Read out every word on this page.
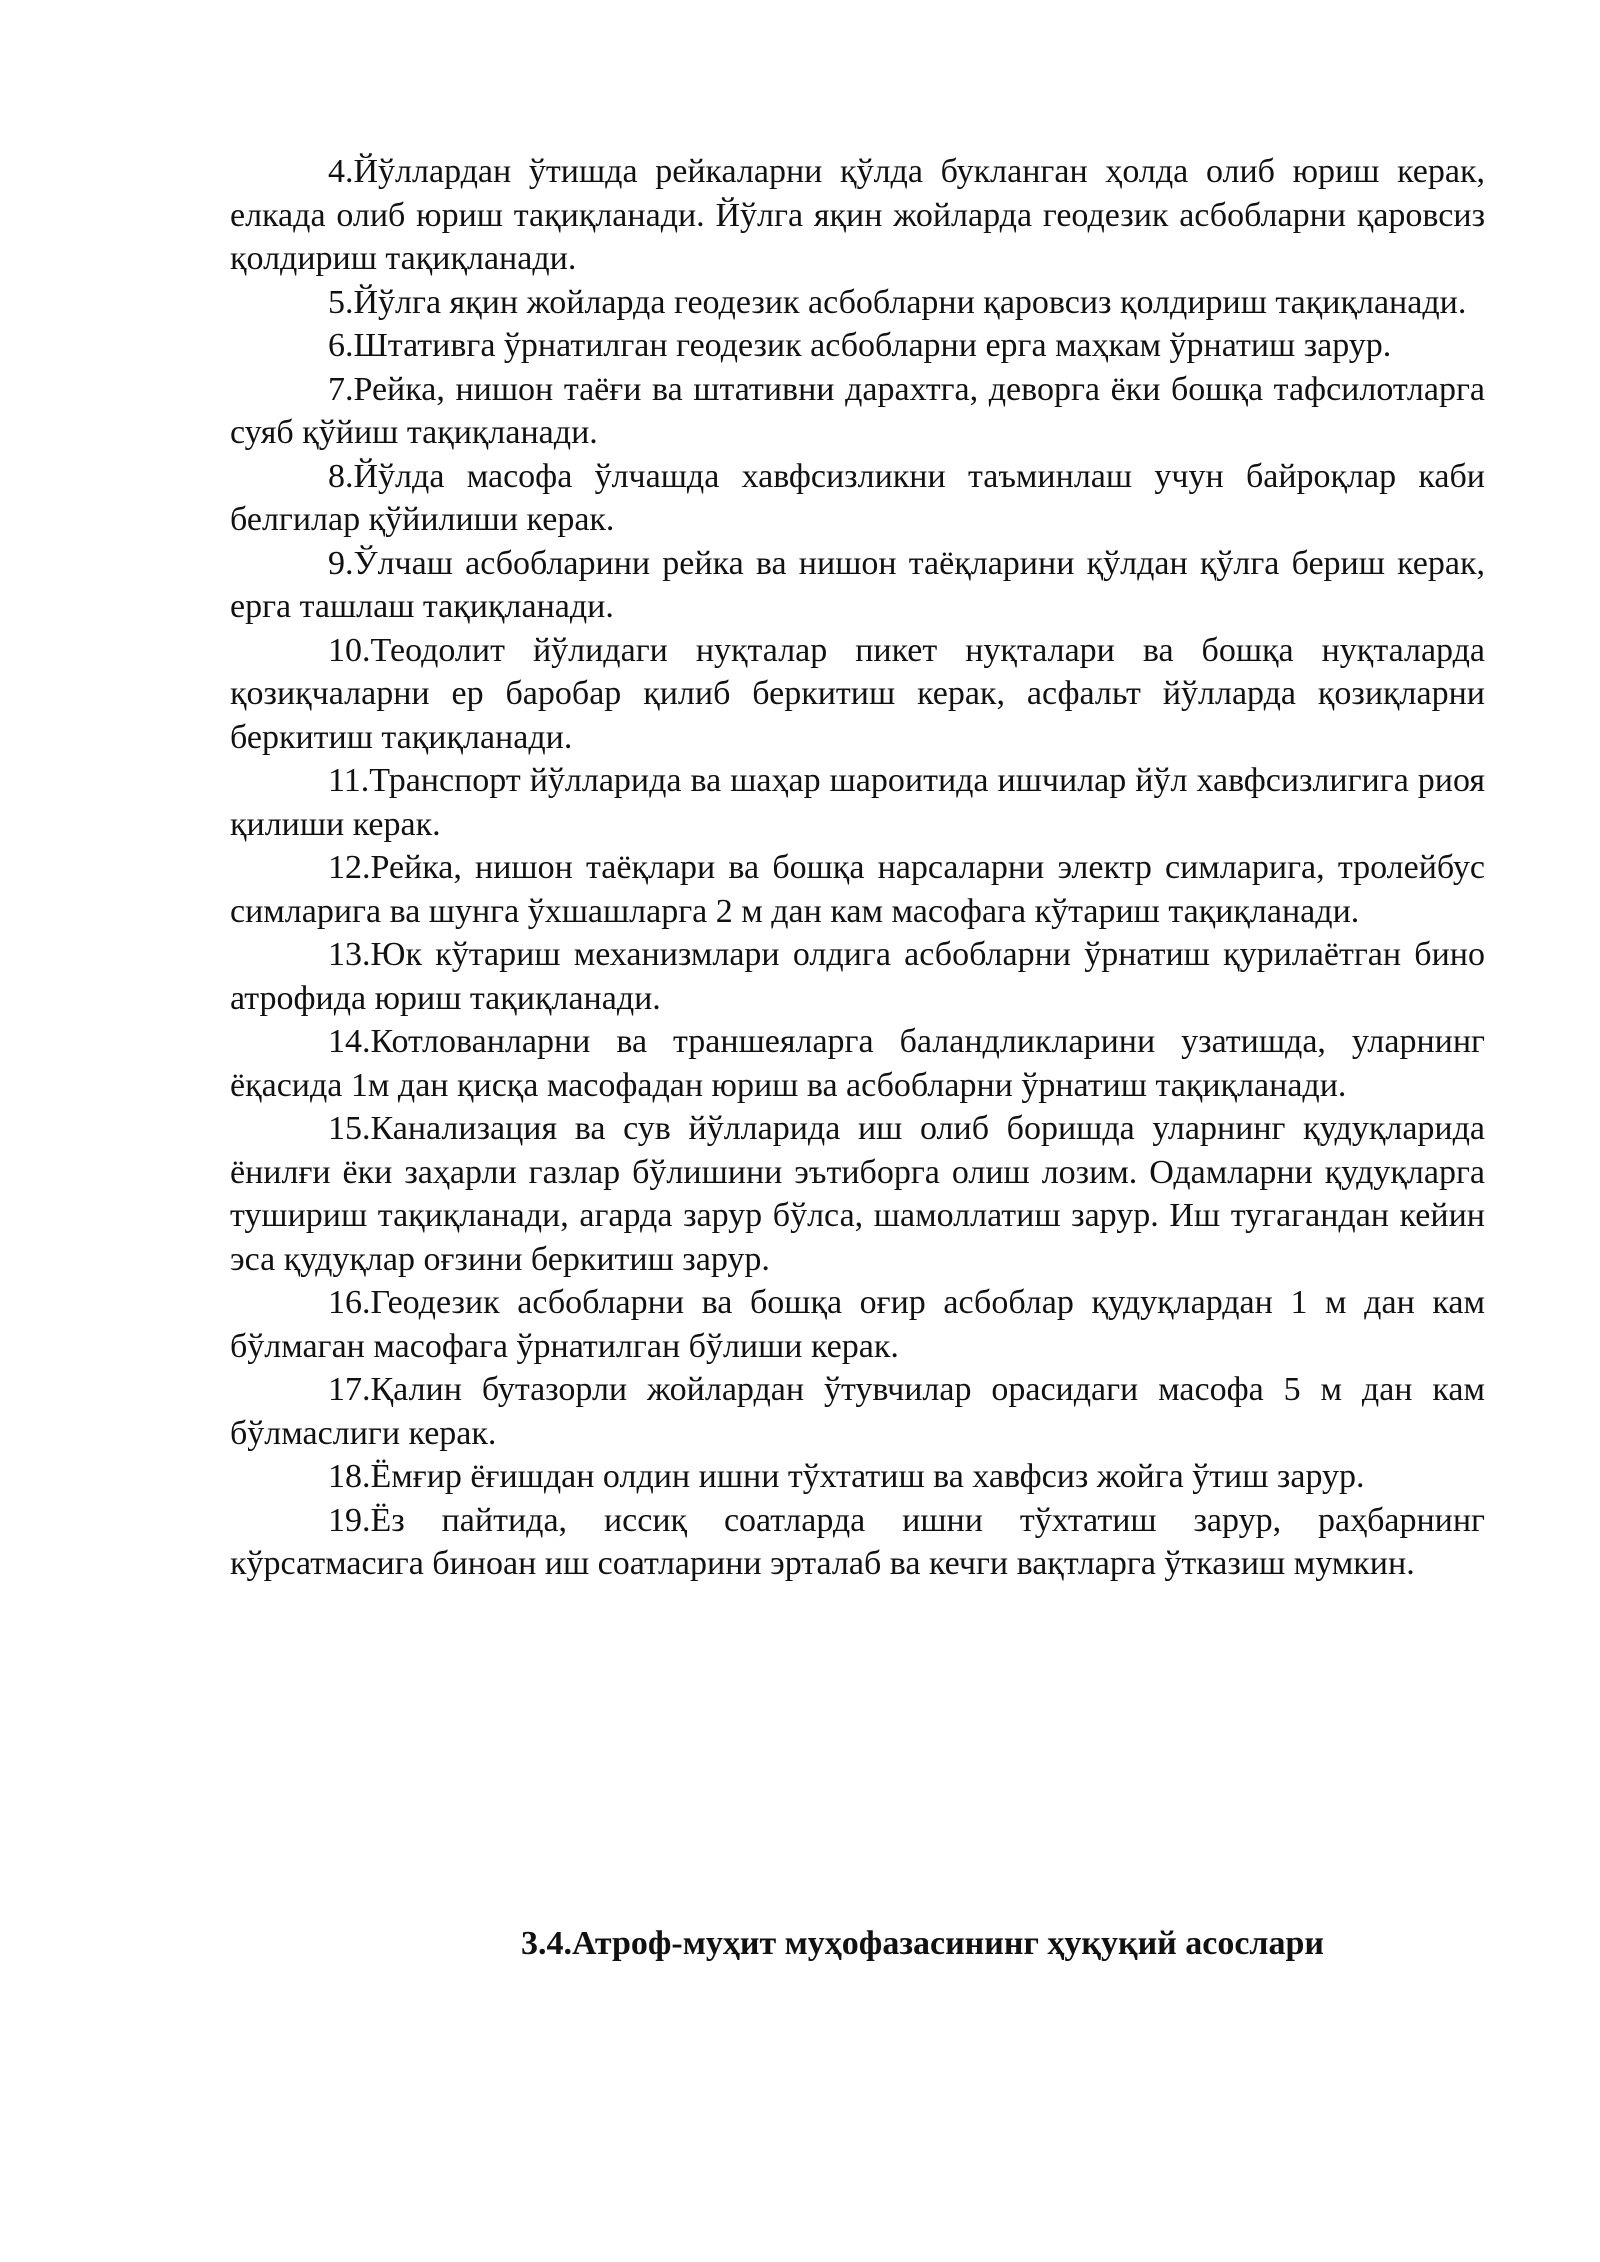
4.Йўллардан ўтишда рейкаларни қўлда букланган ҳолда олиб юриш керак, елкада олиб юриш тақиқланади. Йўлга яқин жойларда геодезик асбобларни қаровсиз қолдириш тақиқланади.

5.Йўлга яқин жойларда геодезик асбобларни қаровсиз қолдириш тақиқланади.

6.Штативга ўрнатилган геодезик асбобларни ерга маҳкам ўрнатиш зарур.

7.Рейка, нишон таёғи ва штативни дарахтга, деворга ёки бошқа тафсилотларга суяб қўйиш тақиқланади.

8.Йўлда масофа ўлчашда хавфсизликни таъминлаш учун байроқлар каби белгилар қўйилиши керак.

9.Ўлчаш асбобларини рейка ва нишон таёқларини қўлдан қўлга бериш керак, ерга ташлаш тақиқланади.

10.Теодолит йўлидаги нуқталар пикет нуқталари ва бошқа нуқталарда қозиқчаларни ер баробар қилиб беркитиш керак, асфальт йўлларда қозиқларни беркитиш тақиқланади.

11.Транспорт йўлларида ва шаҳар шароитида ишчилар йўл хавфсизлигига риоя қилиши керак.

12.Рейка, нишон таёқлари ва бошқа нарсаларни электр симларига, тролейбус симларига ва шунга ўхшашларга 2 м дан кам масофага кўтариш тақиқланади.

13.Юк кўтариш механизмлари олдига асбобларни ўрнатиш қурилаётган бино атрофида юриш тақиқланади.

14.Котлованларни ва траншеяларга баландликларини узатишда, уларнинг ёқасида 1м дан қисқа масофадан юриш ва асбобларни ўрнатиш тақиқланади.

15.Канализация ва сув йўлларида иш олиб боришда уларнинг қудуқларида ёнилғи ёки заҳарли газлар бўлишини эътиборга олиш лозим. Одамларни қудуқларга тушириш тақиқланади, агарда зарур бўлса, шамоллатиш зарур. Иш тугагандан кейин эса қудуқлар оғзини беркитиш зарур.

16.Геодезик асбобларни ва бошқа оғир асбоблар қудуқлардан 1 м дан кам бўлмаган масофага ўрнатилган бўлиши керак.

17.Қалин бутазорли жойлардан ўтувчилар орасидаги масофа 5 м дан кам бўлмаслиги керак.

18.Ёмғир ёғишдан олдин ишни тўхтатиш ва хавфсиз жойга ўтиш зарур.

19.Ёз пайтида, иссиқ соатларда ишни тўхтатиш зарур, раҳбарнинг кўрсатмасига биноан иш соатларини эрталаб ва кечги вақтларга ўтказиш мумкин.

3.4.Атроф-муҳит муҳофазасининг ҳуқуқий асослари
